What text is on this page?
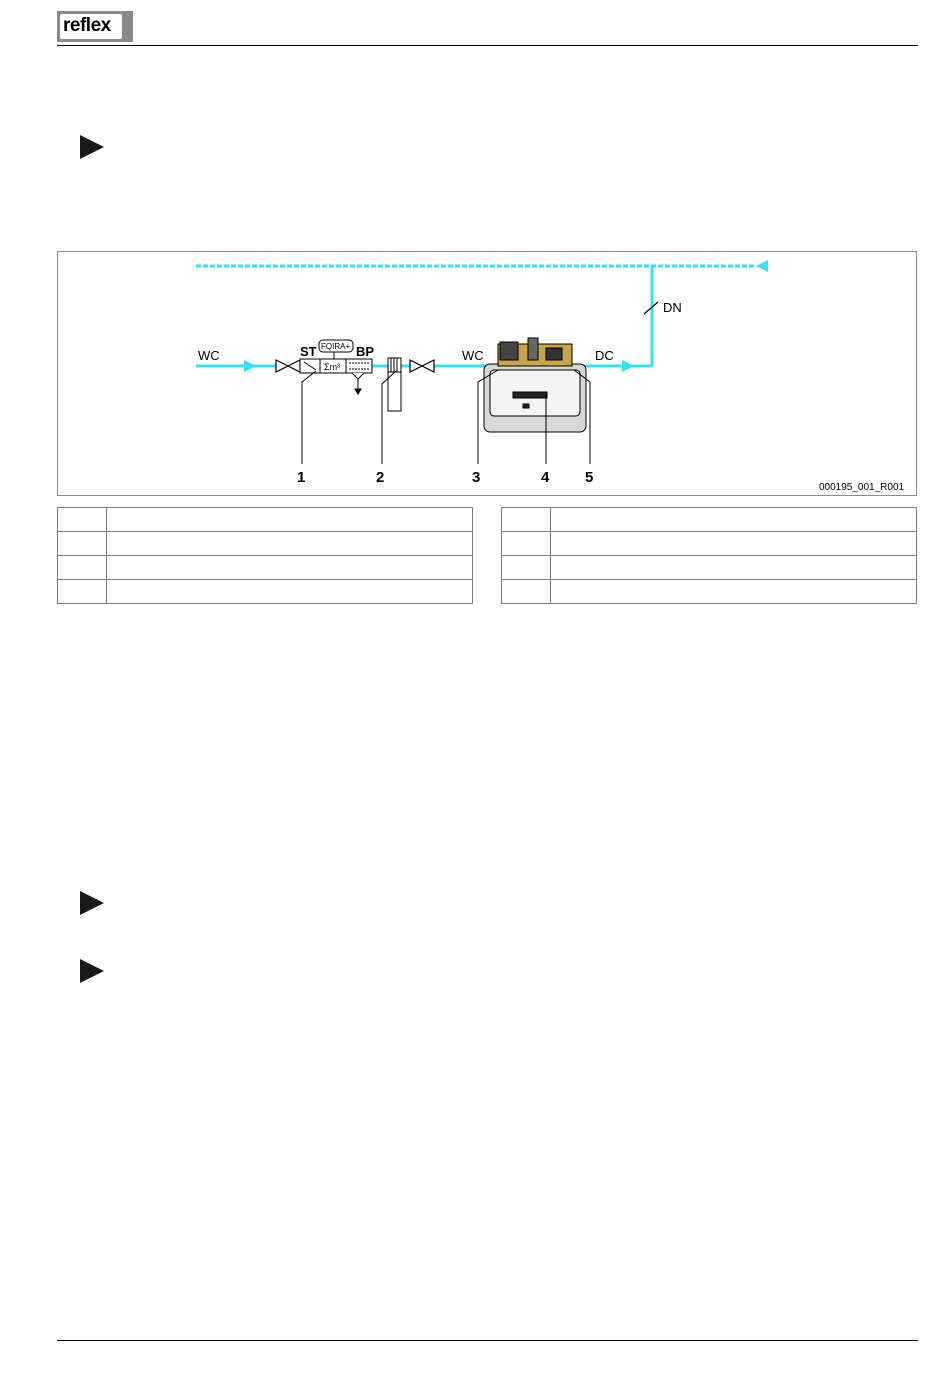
reflex
DN
WC	WC	DC
ST	BP
FQIRA+
Σm³
1	2	3	4 5
000195_001_R001
